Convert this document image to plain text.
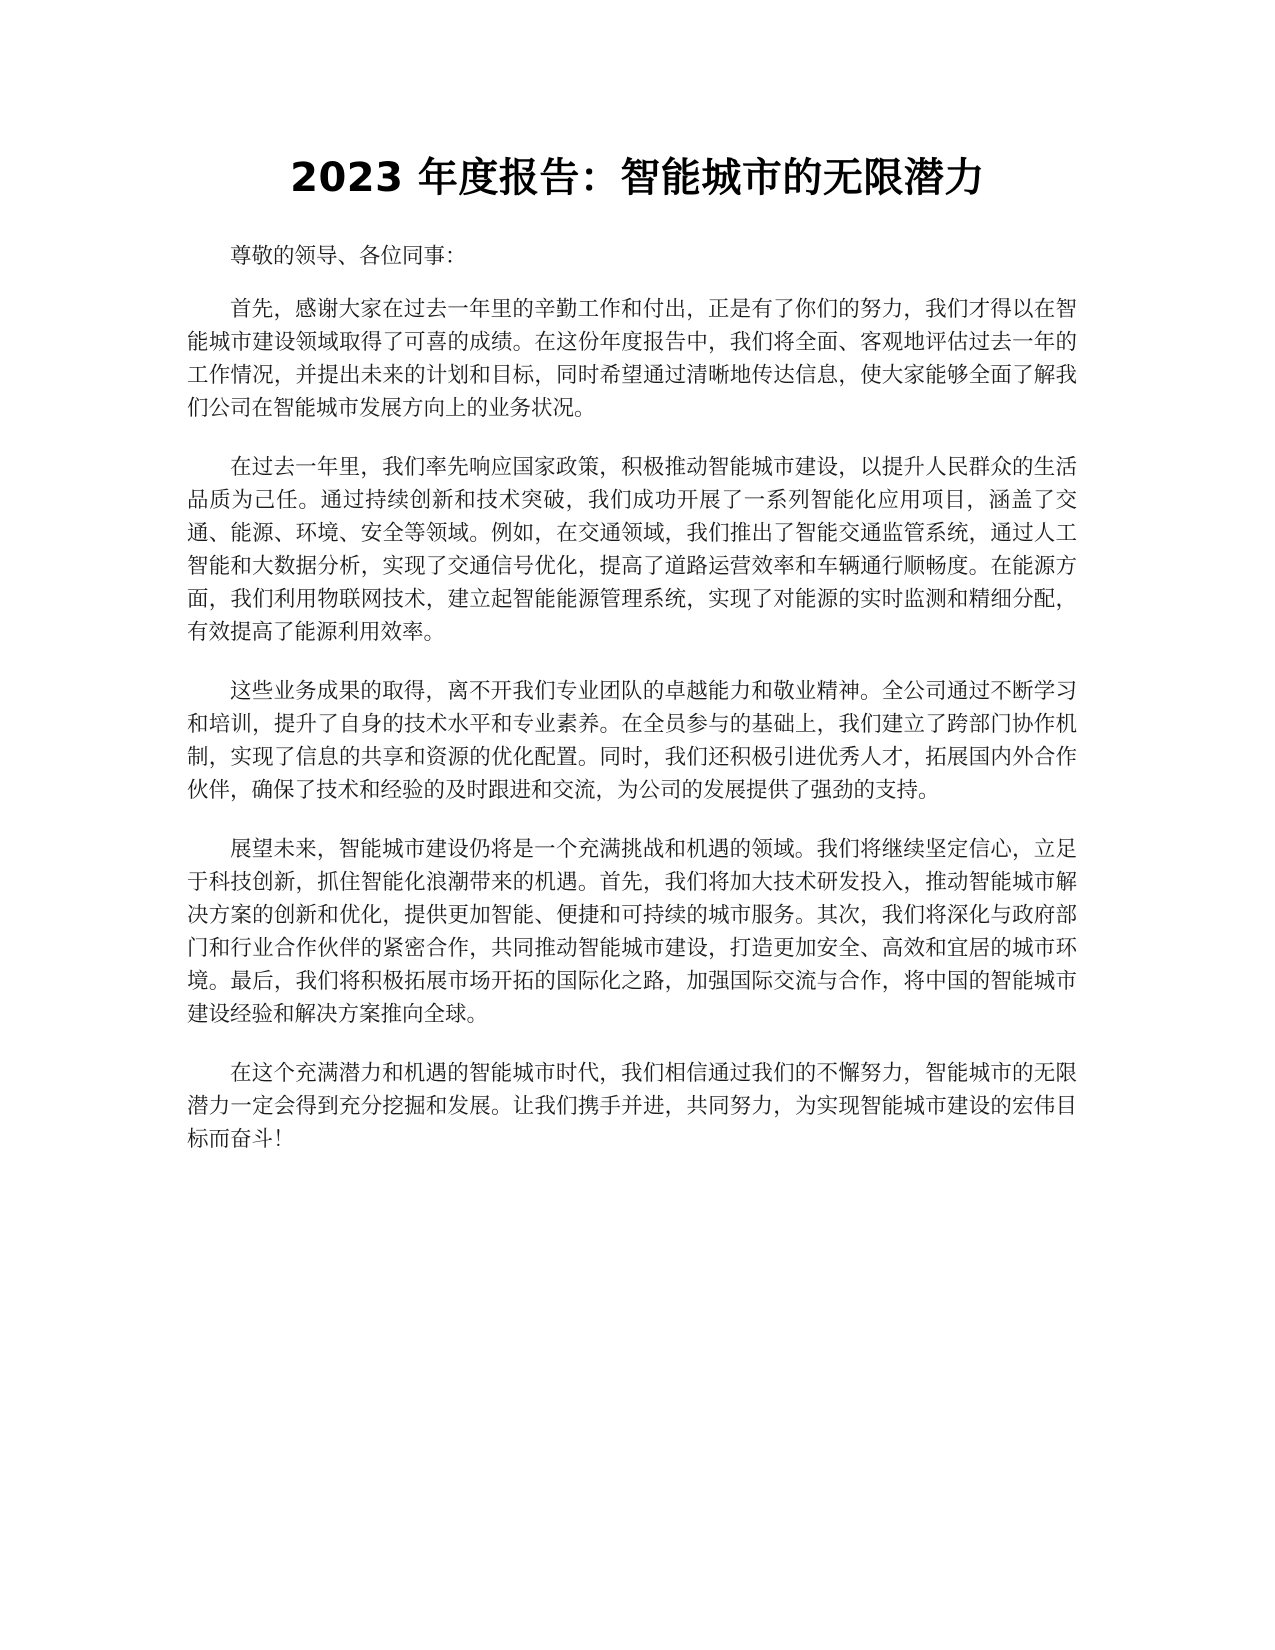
2023 年度报告：智能城市的无限潜力

尊敬的领导、各位同事：

首先，感谢大家在过去一年里的辛勤工作和付出，正是有了你们的努力，我们才得以在智能城市建设领域取得了可喜的成绩。在这份年度报告中，我们将全面、客观地评估过去一年的工作情况，并提出未来的计划和目标，同时希望通过清晰地传达信息，使大家能够全面了解我们公司在智能城市发展方向上的业务状况。

在过去一年里，我们率先响应国家政策，积极推动智能城市建设，以提升人民群众的生活品质为己任。通过持续创新和技术突破，我们成功开展了一系列智能化应用项目，涵盖了交通、能源、环境、安全等领域。例如，在交通领域，我们推出了智能交通监管系统，通过人工智能和大数据分析，实现了交通信号优化，提高了道路运营效率和车辆通行顺畅度。在能源方面，我们利用物联网技术，建立起智能能源管理系统，实现了对能源的实时监测和精细分配，有效提高了能源利用效率。

这些业务成果的取得，离不开我们专业团队的卓越能力和敬业精神。全公司通过不断学习和培训，提升了自身的技术水平和专业素养。在全员参与的基础上，我们建立了跨部门协作机制，实现了信息的共享和资源的优化配置。同时，我们还积极引进优秀人才，拓展国内外合作伙伴，确保了技术和经验的及时跟进和交流，为公司的发展提供了强劲的支持。

展望未来，智能城市建设仍将是一个充满挑战和机遇的领域。我们将继续坚定信心，立足于科技创新，抓住智能化浪潮带来的机遇。首先，我们将加大技术研发投入，推动智能城市解决方案的创新和优化，提供更加智能、便捷和可持续的城市服务。其次，我们将深化与政府部门和行业合作伙伴的紧密合作，共同推动智能城市建设，打造更加安全、高效和宜居的城市环境。最后，我们将积极拓展市场开拓的国际化之路，加强国际交流与合作，将中国的智能城市建设经验和解决方案推向全球。

在这个充满潜力和机遇的智能城市时代，我们相信通过我们的不懈努力，智能城市的无限潜力一定会得到充分挖掘和发展。让我们携手并进，共同努力，为实现智能城市建设的宏伟目标而奋斗！
